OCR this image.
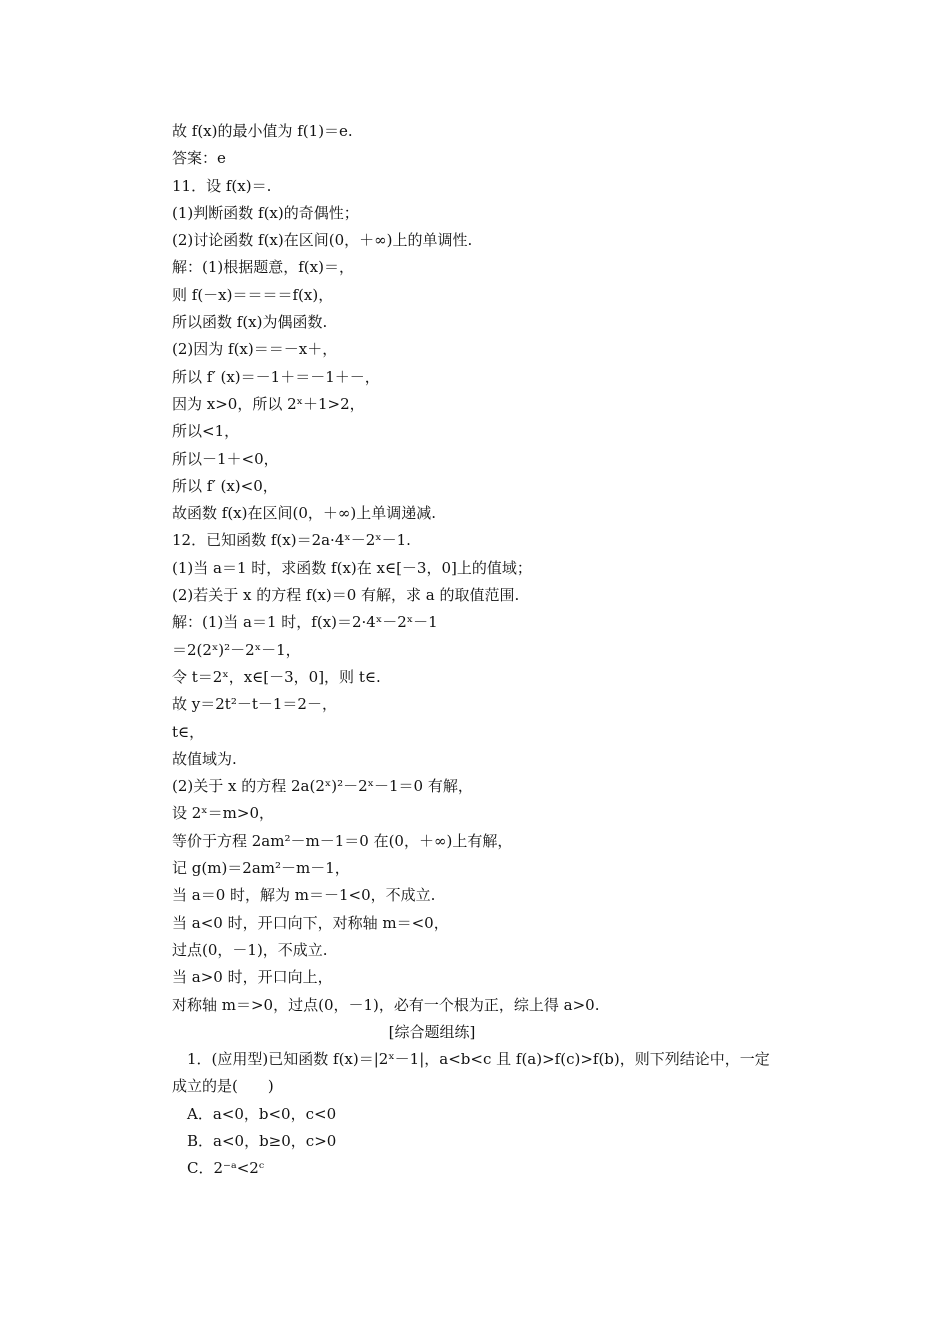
故 f(x)的最小值为 f(1)＝e.
答案：e
11．设 f(x)＝.
(1)判断函数 f(x)的奇偶性；
(2)讨论函数 f(x)在区间(0，＋∞)上的单调性.
解：(1)根据题意，f(x)＝，
则 f(－x)＝＝＝＝f(x)，
所以函数 f(x)为偶函数.
(2)因为 f(x)＝＝－x＋，
所以 f′ (x)＝－1＋＝－1＋－，
因为 x>0，所以 2ˣ＋1>2，
所以<1，
所以－1＋<0，
所以 f′ (x)<0，
故函数 f(x)在区间(0，＋∞)上单调递减.
12．已知函数 f(x)＝2a·4ˣ－2ˣ－1.
(1)当 a＝1 时，求函数 f(x)在 x∈[－3，0]上的值域；
(2)若关于 x 的方程 f(x)＝0 有解，求 a 的取值范围.
解：(1)当 a＝1 时，f(x)＝2·4ˣ－2ˣ－1
＝2(2ˣ)²－2ˣ－1，
令 t＝2ˣ，x∈[－3，0]，则 t∈.
故 y＝2t²－t－1＝2－，
t∈，
故值域为.
(2)关于 x 的方程 2a(2ˣ)²－2ˣ－1＝0 有解，
设 2ˣ＝m>0，
等价于方程 2am²－m－1＝0 在(0，＋∞)上有解，
记 g(m)＝2am²－m－1，
当 a＝0 时，解为 m＝－1<0，不成立.
当 a<0 时，开口向下，对称轴 m＝<0，
过点(0，－1)，不成立.
当 a>0 时，开口向上，
对称轴 m＝>0，过点(0，－1)，必有一个根为正，综上得 a>0.
[综合题组练]
　1．(应用型)已知函数 f(x)＝|2ˣ－1|，a<b<c 且 f(a)>f(c)>f(b)，则下列结论中，一定
成立的是(　　)
　A．a<0，b<0，c<0
　B．a<0，b≥0，c>0
　C．2⁻ᵃ<2ᶜ
